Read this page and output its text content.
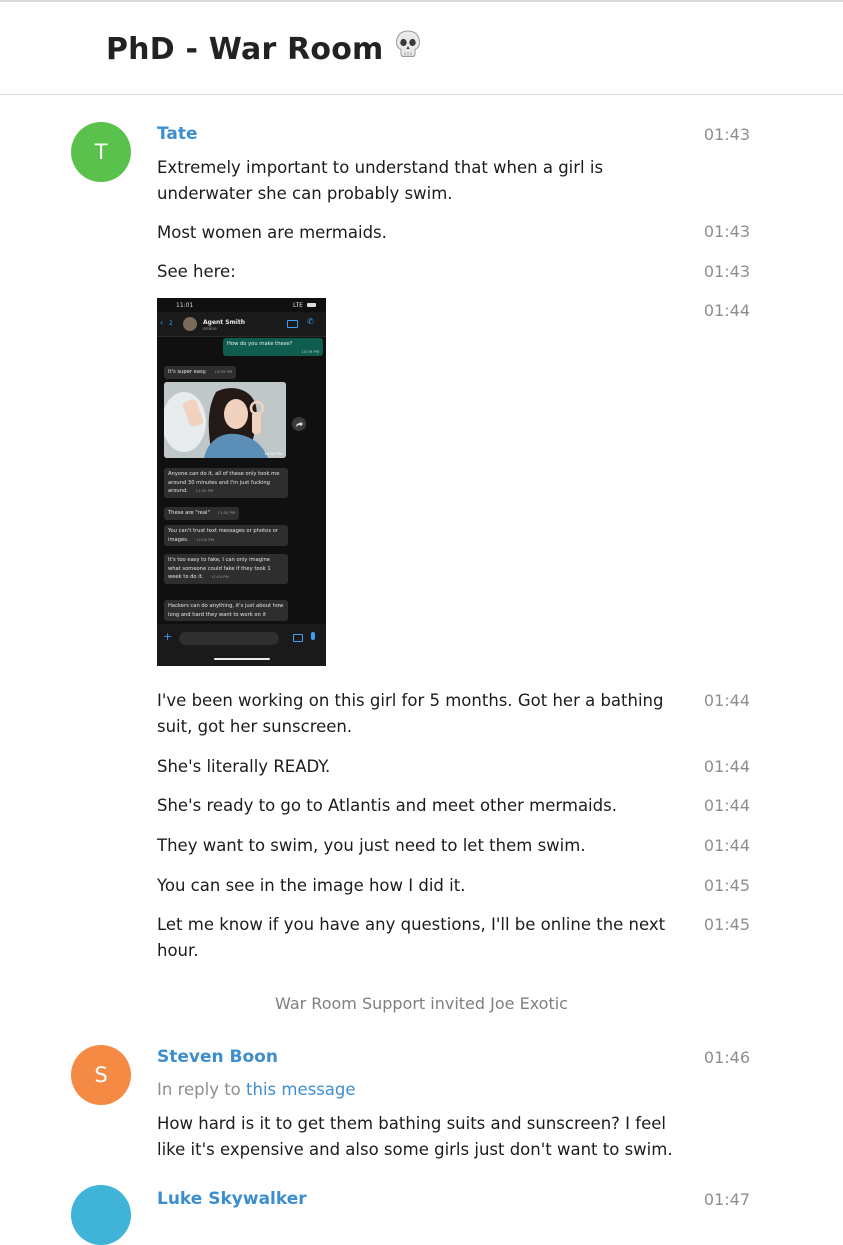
PhD - War Room
T
Tate	01:43
Extremely important to understand that when a girl is underwater she can probably swim.
Most women are mermaids.	01:43
See here:	01:43
01:44
11:01	LTE
‹ 2	Agent Smith
online
✆
How do you make these?
10:59 PM
It's super easy. 10:59 PM
10:59 PM
Anyone can do it, all of these only took me around 30 minutes and I'm just fucking around. 11:00 PM
These are "real" 11:00 PM
You can't trust text messages or photos or images. 11:00 PM
It's too easy to fake, I can only imagine what someone could fake if they took 1 week to do it. 11:00 PM
Hackers can do anything, it's just about how long and hard they want to work on it
+
I've been working on this girl for 5 months. Got her a bathing suit, got her sunscreen.
01:44
She's literally READY.	01:44
She's ready to go to Atlantis and meet other mermaids.	01:44
They want to swim, you just need to let them swim.	01:44
You can see in the image how I did it.	01:45
Let me know if you have any questions, I'll be online the next hour.
01:45
War Room Support invited Joe Exotic
S
Steven Boon	01:46
In reply to this message
How hard is it to get them bathing suits and sunscreen? I feel like it's expensive and also some girls just don't want to swim.
Luke Skywalker	01:47
